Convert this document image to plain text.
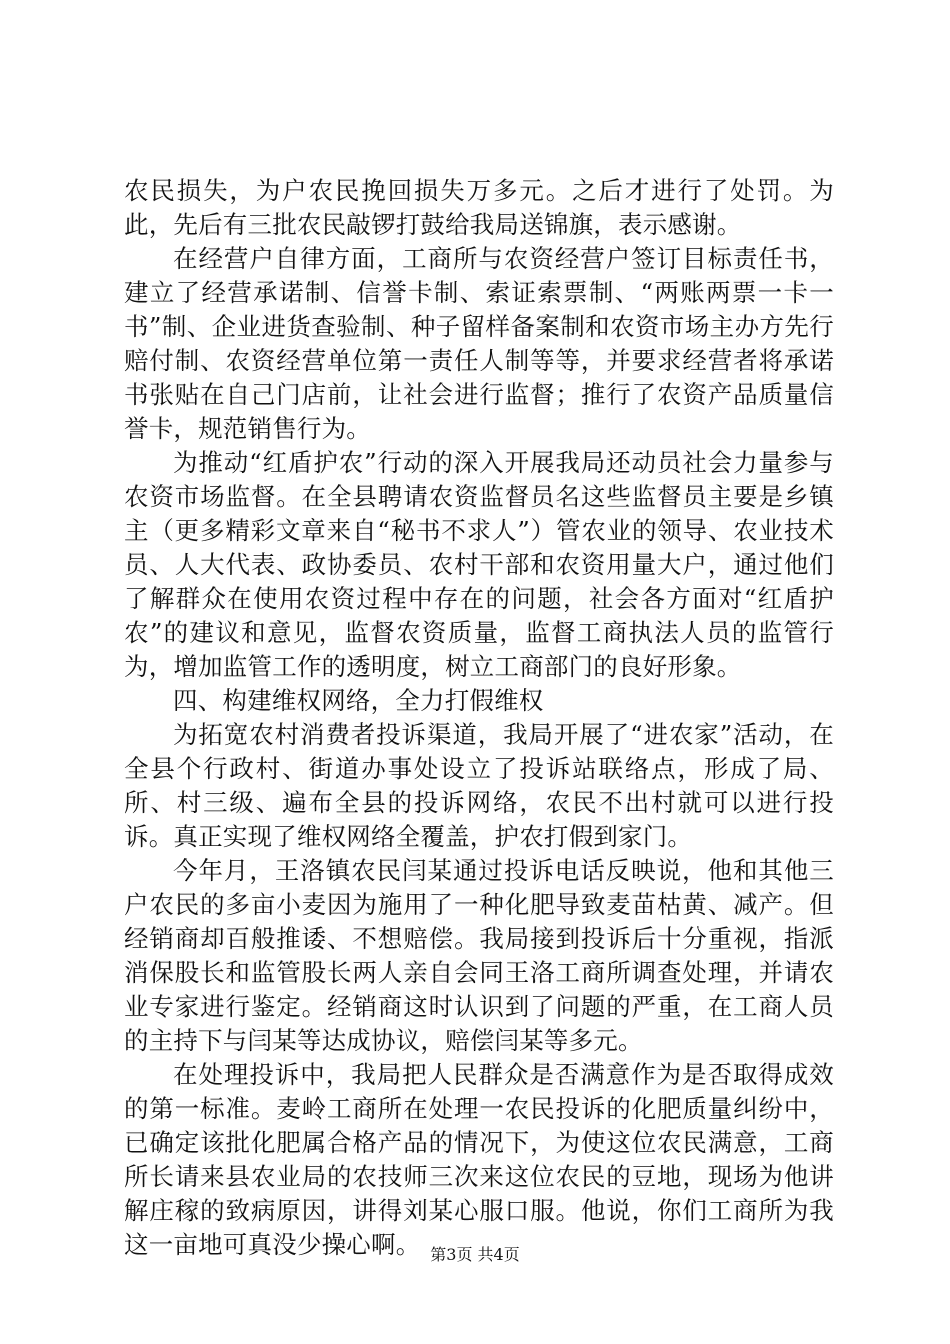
农民损失，为户农民挽回损失万多元。之后才进行了处罚。为此，先后有三批农民敲锣打鼓给我局送锦旗，表示感谢。

在经营户自律方面，工商所与农资经营户签订目标责任书，建立了经营承诺制、信誉卡制、索证索票制、“两账两票一卡一书”制、企业进货查验制、种子留样备案制和农资市场主办方先行赔付制、农资经营单位第一责任人制等等，并要求经营者将承诺书张贴在自己门店前，让社会进行监督；推行了农资产品质量信誉卡，规范销售行为。

为推动“红盾护农”行动的深入开展我局还动员社会力量参与农资市场监督。在全县聘请农资监督员名这些监督员主要是乡镇主（更多精彩文章来自“秘书不求人”）管农业的领导、农业技术员、人大代表、政协委员、农村干部和农资用量大户，通过他们了解群众在使用农资过程中存在的问题，社会各方面对“红盾护农”的建议和意见，监督农资质量，监督工商执法人员的监管行为，增加监管工作的透明度，树立工商部门的良好形象。

四、构建维权网络，全力打假维权

为拓宽农村消费者投诉渠道，我局开展了“进农家”活动，在全县个行政村、街道办事处设立了投诉站联络点，形成了局、所、村三级、遍布全县的投诉网络，农民不出村就可以进行投诉。真正实现了维权网络全覆盖，护农打假到家门。

今年月，王洛镇农民闫某通过投诉电话反映说，他和其他三户农民的多亩小麦因为施用了一种化肥导致麦苗枯黄、减产。但经销商却百般推诿、不想赔偿。我局接到投诉后十分重视，指派消保股长和监管股长两人亲自会同王洛工商所调查处理，并请农业专家进行鉴定。经销商这时认识到了问题的严重，在工商人员的主持下与闫某等达成协议，赔偿闫某等多元。

在处理投诉中，我局把人民群众是否满意作为是否取得成效的第一标准。麦岭工商所在处理一农民投诉的化肥质量纠纷中，已确定该批化肥属合格产品的情况下，为使这位农民满意，工商所长请来县农业局的农技师三次来这位农民的豆地，现场为他讲解庄稼的致病原因，讲得刘某心服口服。他说，你们工商所为我这一亩地可真没少操心啊。 第3页 共4页
